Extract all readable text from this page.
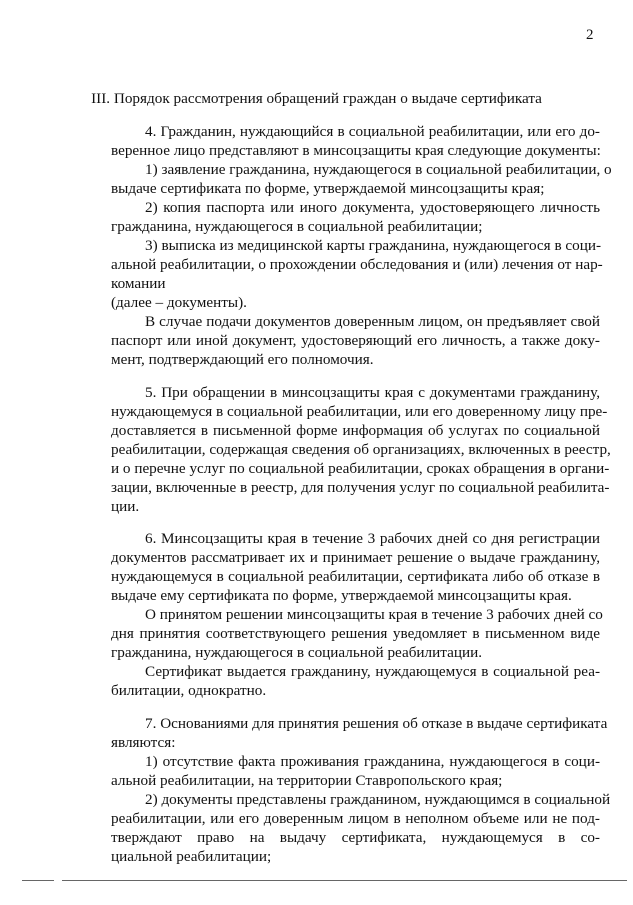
2
III. Порядок рассмотрения обращений граждан о выдаче сертификата
4. Гражданин, нуждающийся в социальной реабилитации, или его до-
веренное лицо представляют в минсоцзащиты края следующие документы:
1) заявление гражданина, нуждающегося в социальной реабилитации, о
выдаче сертификата по форме, утверждаемой минсоцзащиты края;
2) копия паспорта или иного документа, удостоверяющего личность
гражданина, нуждающегося в социальной реабилитации;
3) выписка из медицинской карты гражданина, нуждающегося в соци-
альной реабилитации, о прохождении обследования и (или) лечения от нар-
комании
(далее – документы).
В случае подачи документов доверенным лицом, он предъявляет свой
паспорт или иной документ, удостоверяющий его личность, а также доку-
мент, подтверждающий его полномочия.
5. При обращении в минсоцзащиты края с документами гражданину,
нуждающемуся в социальной реабилитации, или его доверенному лицу пре-
доставляется в письменной форме информация об услугах по социальной
реабилитации, содержащая сведения об организациях, включенных в реестр,
и о перечне услуг по социальной реабилитации, сроках обращения в органи-
зации, включенные в реестр, для получения услуг по социальной реабилита-
ции.
6. Минсоцзащиты края в течение 3 рабочих дней со дня регистрации
документов рассматривает их и принимает решение о выдаче гражданину,
нуждающемуся в социальной реабилитации, сертификата либо об отказе в
выдаче ему сертификата по форме, утверждаемой минсоцзащиты края.
О принятом решении минсоцзащиты края в течение 3 рабочих дней со
дня принятия соответствующего решения уведомляет в письменном виде
гражданина, нуждающегося в социальной реабилитации.
Сертификат выдается гражданину, нуждающемуся в социальной реа-
билитации, однократно.
7. Основаниями для принятия решения об отказе в выдаче сертификата
являются:
1) отсутствие факта проживания гражданина, нуждающегося в соци-
альной реабилитации, на территории Ставропольского края;
2) документы представлены гражданином, нуждающимся в социальной
реабилитации, или его доверенным лицом в неполном объеме или не под-
тверждают право на выдачу сертификата, нуждающемуся в со-
циальной реабилитации;
